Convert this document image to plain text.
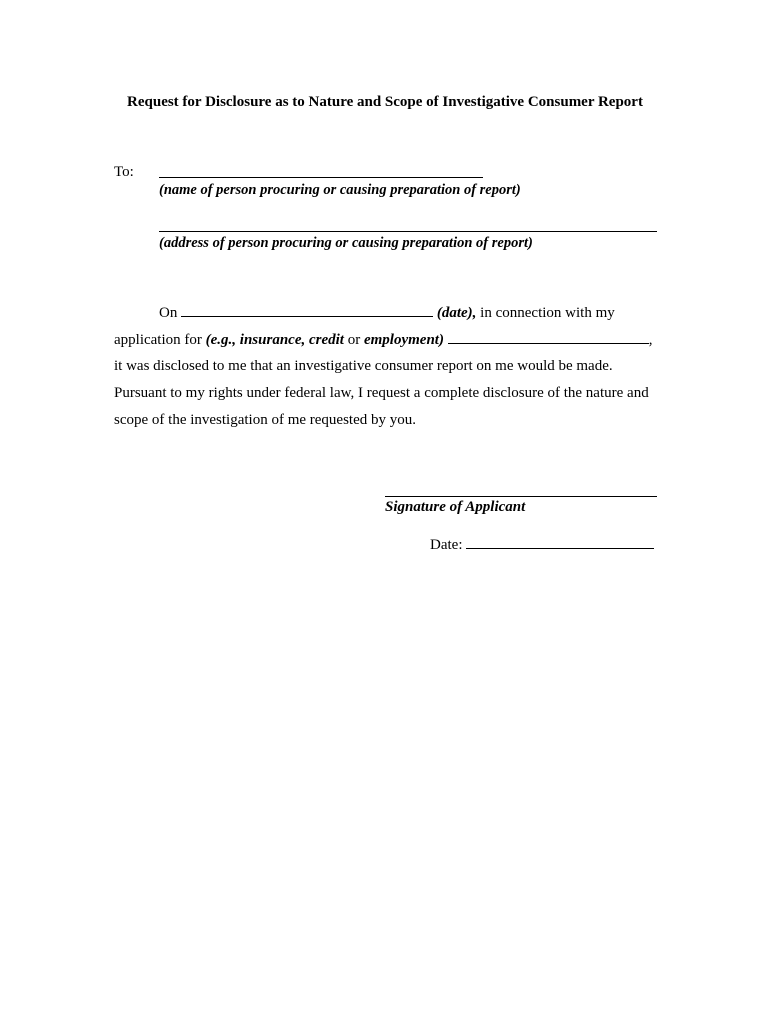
Request for Disclosure as to Nature and Scope of Investigative Consumer Report
To:
(name of person procuring or causing preparation of report)
(address of person procuring or causing preparation of report)
On	(date), in connection with my
application for (e.g., insurance, credit or employment)	,
it was disclosed to me that an investigative consumer report on me would be made.
Pursuant to my rights under federal law, I request a complete disclosure of the nature and
scope of the investigation of me requested by you.
Signature of Applicant
Date:
